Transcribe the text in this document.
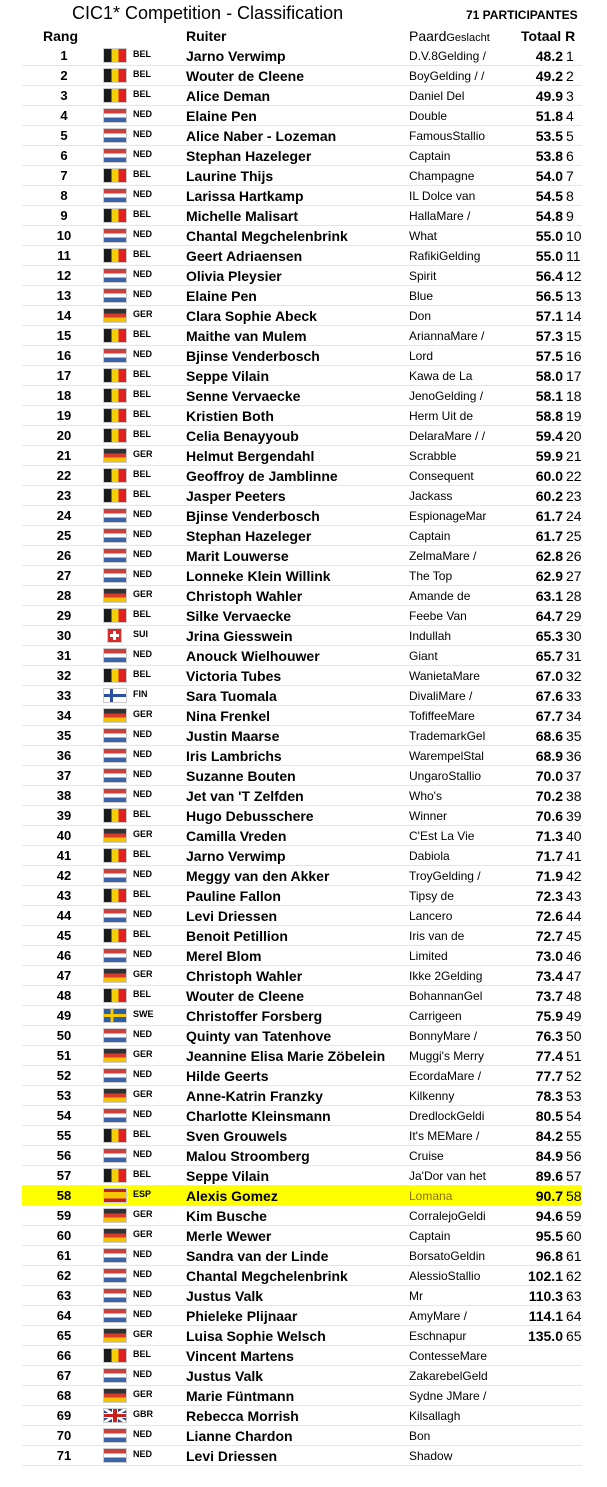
CIC1* Competition - Classification	71 PARTICIPANTES
Rang	Ruiter	PaardGeslacht Totaal R
1	BEL	Jarno Verwimp	D.V.8Gelding /	48.2 1
2	BEL	Wouter de Cleene	BoyGelding / /	49.2 2
3	BEL	Alice Deman	Daniel Del	49.9 3
4	NED Elaine Pen	Double	51.8 4
5	NED Alice Naber - Lozeman	FamousStallio	53.5 5
6	NED Stephan Hazeleger	Captain	53.8 6
7	BEL	Laurine Thijs	Champagne	54.0 7
8	NED Larissa Hartkamp	IL Dolce van	54.5 8
9	BEL	Michelle Malisart	HallaMare /	54.8 9
10	NED Chantal Megchelenbrink	What	55.0 10
11	BEL	Geert Adriaensen	RafikiGelding	55.0 11
12	NED Olivia Pleysier	Spirit	56.4 12
13	NED Elaine Pen	Blue	56.5 13
14	GER Clara Sophie Abeck	Don	57.1 14
15	BEL	Maithe van Mulem	AriannaMare /	57.3 15
16	NED Bjinse Venderbosch	Lord	57.5 16
17	BEL	Seppe Vilain	Kawa de La	58.0 17
18	BEL	Senne Vervaecke	JenoGelding /	58.1 18
19	BEL	Kristien Both	Herm Uit de	58.8 19
20	BEL	Celia Benayyoub	DelaraMare / /	59.4 20
21	GER Helmut Bergendahl	Scrabble	59.9 21
22	BEL	Geoffroy de Jamblinne	Consequent	60.0 22
23	BEL	Jasper Peeters	Jackass	60.2 23
24	NED Bjinse Venderbosch	EspionageMar	61.7 24
25	NED Stephan Hazeleger	Captain	61.7 25
26	NED Marit Louwerse	ZelmaMare /	62.8 26
27	NED Lonneke Klein Willink	The Top	62.9 27
28	GER Christoph Wahler	Amande de	63.1 28
29	BEL	Silke Vervaecke	Feebe Van	64.7 29
30	SUI	Jrina Giesswein	Indullah	65.3 30
31	NED Anouck Wielhouwer	Giant	65.7 31
32	BEL	Victoria Tubes	WanietaMare	67.0 32
33	FIN	Sara Tuomala	DivaliMare /	67.6 33
34	GER Nina Frenkel	TofiffeeMare	67.7 34
35	NED Justin Maarse	TrademarkGel	68.6 35
36	NED Iris Lambrichs	WarempelStal	68.9 36
37	NED Suzanne Bouten	UngaroStallio	70.0 37
38	NED Jet van 'T Zelfden	Who's	70.2 38
39	BEL	Hugo Debusschere	Winner	70.6 39
40	GER Camilla Vreden	C'Est La Vie	71.3 40
41	BEL	Jarno Verwimp	Dabiola	71.7 41
42	NED Meggy van den Akker	TroyGelding /	71.9 42
43	BEL	Pauline Fallon	Tipsy de	72.3 43
44	NED Levi Driessen	Lancero	72.6 44
45	BEL	Benoit Petillion	Iris van de	72.7 45
46	NED Merel Blom	Limited	73.0 46
47	GER Christoph Wahler	Ikke 2Gelding	73.4 47
48	BEL	Wouter de Cleene	BohannanGel	73.7 48
49	SWE Christoffer Forsberg	Carrigeen	75.9 49
50	NED Quinty van Tatenhove	BonnyMare /	76.3 50
51	GER Jeannine Elisa Marie Zöbelein	Muggi's Merry	77.4 51
52	NED Hilde Geerts	EcordaMare /	77.7 52
53	GER Anne-Katrin Franzky	Kilkenny	78.3 53
54	NED Charlotte Kleinsmann	DredlockGeldi	80.5 54
55	BEL	Sven Grouwels	It's MEMare /	84.2 55
56	NED Malou Stroomberg	Cruise	84.9 56
57	BEL	Seppe Vilain	Ja'Dor van het	89.6 57
58	ESP Alexis Gomez	Lomana	90.7 58
59	GER Kim Busche	CorralejoGeldi	94.6 59
60	GER Merle Wewer	Captain	95.5 60
61	NED Sandra van der Linde	BorsatoGeldin	96.8 61
62	NED Chantal Megchelenbrink	AlessioStallio	102.1 62
63	NED Justus Valk	Mr	110.3 63
64	NED Phieleke Plijnaar	AmyMare /	114.1 64
65	GER Luisa Sophie Welsch	Eschnapur	135.0 65
66	BEL	Vincent Martens	ContesseMare
67	NED Justus Valk	ZakarebelGeld
68	GER Marie Füntmann	Sydne JMare /
69	GBR Rebecca Morrish	Kilsallagh
70	NED Lianne Chardon	Bon
71	NED Levi Driessen	Shadow
